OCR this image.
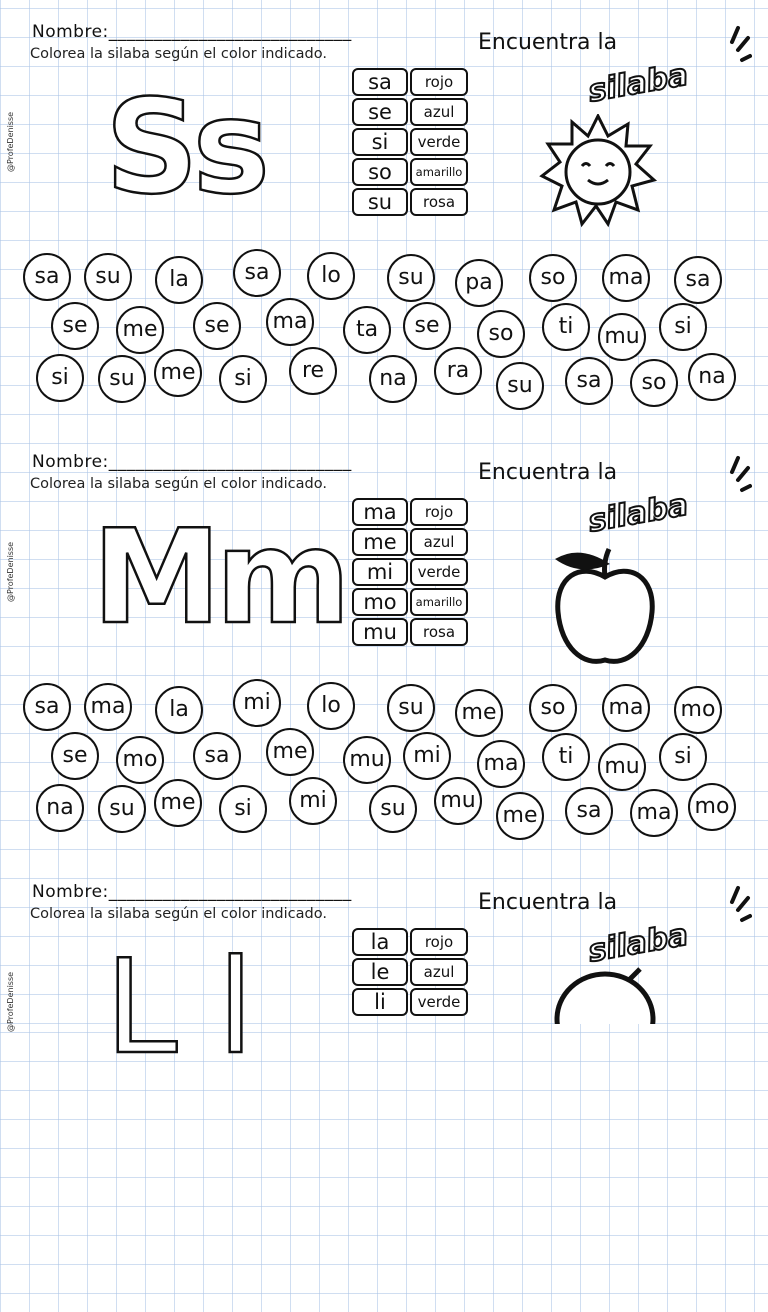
Nombre:___________________________
Colorea la silaba según el color indicado.
@ProfeDenisse Ss	sa	rojo
se	azul
si	verde
so	amarillo
su	rosa
Encuentra la
silaba
sa	su	la	sa	lo	su	pa	so	ma	sa
se	me	se	ma	ta	se	so	ti	mu	si
si	su	me	si	re	na	ra
su	sa	so	na
Nombre:___________________________
Colorea la silaba según el color indicado.
@ProfeDenisse Mm ma	rojo
me	azul
mi	verde
mo	amarillo
mu	rosa
Encuentra la
silaba
sa	ma	la	mi	lo	su	me	so	ma mo
se	mo	sa	me mu	mi	ma	ti	mu	si
na	su	me	si	mi	su	mu
me	sa	ma mo
Nombre:___________________________
Colorea la silaba según el color indicado.
@ProfeDenisse Ll	la	rojo
le	azul
li	verde
Encuentra la
silaba
